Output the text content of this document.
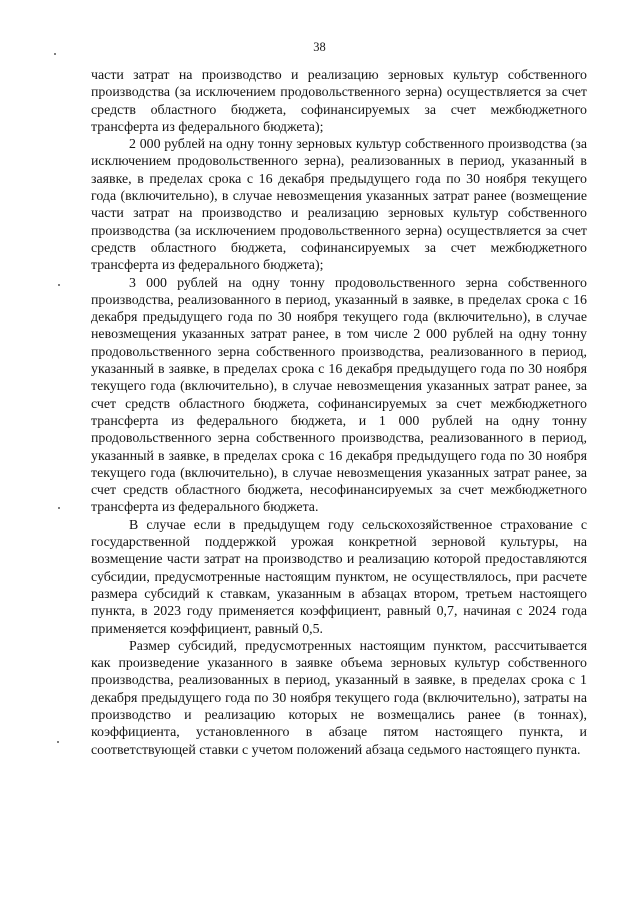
38

части затрат на производство и реализацию зерновых культур собственного производства (за исключением продовольственного зерна) осуществляется за счет средств областного бюджета, софинансируемых за счет межбюджетного трансферта из федерального бюджета);

2 000 рублей на одну тонну зерновых культур собственного производства (за исключением продовольственного зерна), реализованных в период, указанный в заявке, в пределах срока с 16 декабря предыдущего года по 30 ноября текущего года (включительно), в случае невозмещения указанных затрат ранее (возмещение части затрат на производство и реализацию зерновых культур собственного производства (за исключением продовольственного зерна) осуществляется за счет средств областного бюджета, софинансируемых за счет межбюджетного трансферта из федерального бюджета);

3 000 рублей на одну тонну продовольственного зерна собственного производства, реализованного в период, указанный в заявке, в пределах срока с 16 декабря предыдущего года по 30 ноября текущего года (включительно), в случае невозмещения указанных затрат ранее, в том числе 2 000 рублей на одну тонну продовольственного зерна собственного производства, реализованного в период, указанный в заявке, в пределах срока с 16 декабря предыдущего года по 30 ноября текущего года (включительно), в случае невозмещения указанных затрат ранее, за счет средств областного бюджета, софинансируемых за счет межбюджетного трансферта из федерального бюджета, и 1 000 рублей на одну тонну продовольственного зерна собственного производства, реализованного в период, указанный в заявке, в пределах срока с 16 декабря предыдущего года по 30 ноября текущего года (включительно), в случае невозмещения указанных затрат ранее, за счет средств областного бюджета, несофинансируемых за счет межбюджетного трансферта из федерального бюджета.

В случае если в предыдущем году сельскохозяйственное страхование с государственной поддержкой урожая конкретной зерновой культуры, на возмещение части затрат на производство и реализацию которой предоставляются субсидии, предусмотренные настоящим пунктом, не осуществлялось, при расчете размера субсидий к ставкам, указанным в абзацах втором, третьем настоящего пункта, в 2023 году применяется коэффициент, равный 0,7, начиная с 2024 года применяется коэффициент, равный 0,5.

Размер субсидий, предусмотренных настоящим пунктом, рассчитывается как произведение указанного в заявке объема зерновых культур собственного производства, реализованных в период, указанный в заявке, в пределах срока с 1 декабря предыдущего года по 30 ноября текущего года (включительно), затраты на производство и реализацию которых не возмещались ранее (в тоннах), коэффициента, установленного в абзаце пятом настоящего пункта, и соответствующей ставки с учетом положений абзаца седьмого настоящего пункта.
